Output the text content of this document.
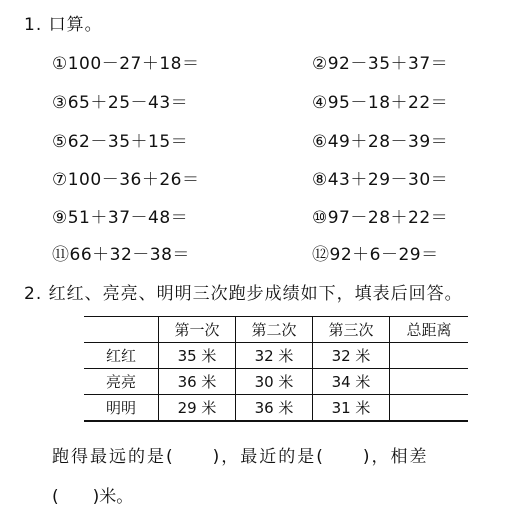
1. 口算。
①100－27＋18＝	②92－35＋37＝
③65＋25－43＝	④95－18＋22＝
⑤62－35＋15＝	⑥49＋28－39＝
⑦100－36＋26＝	⑧43＋29－30＝
⑨51＋37－48＝	⑩97－28＋22＝
⑪66＋32－38＝	⑫92＋6－29＝
2. 红红、亮亮、明明三次跑步成绩如下，填表后回答。
	第一次	第二次	第三次	总距离
红红	35 米	32 米	32 米	
亮亮	36 米	30 米	34 米	
明明	29 米	36 米	31 米	
跑得最远的是(　　)，最近的是(　　)，相差
(　　)米。
